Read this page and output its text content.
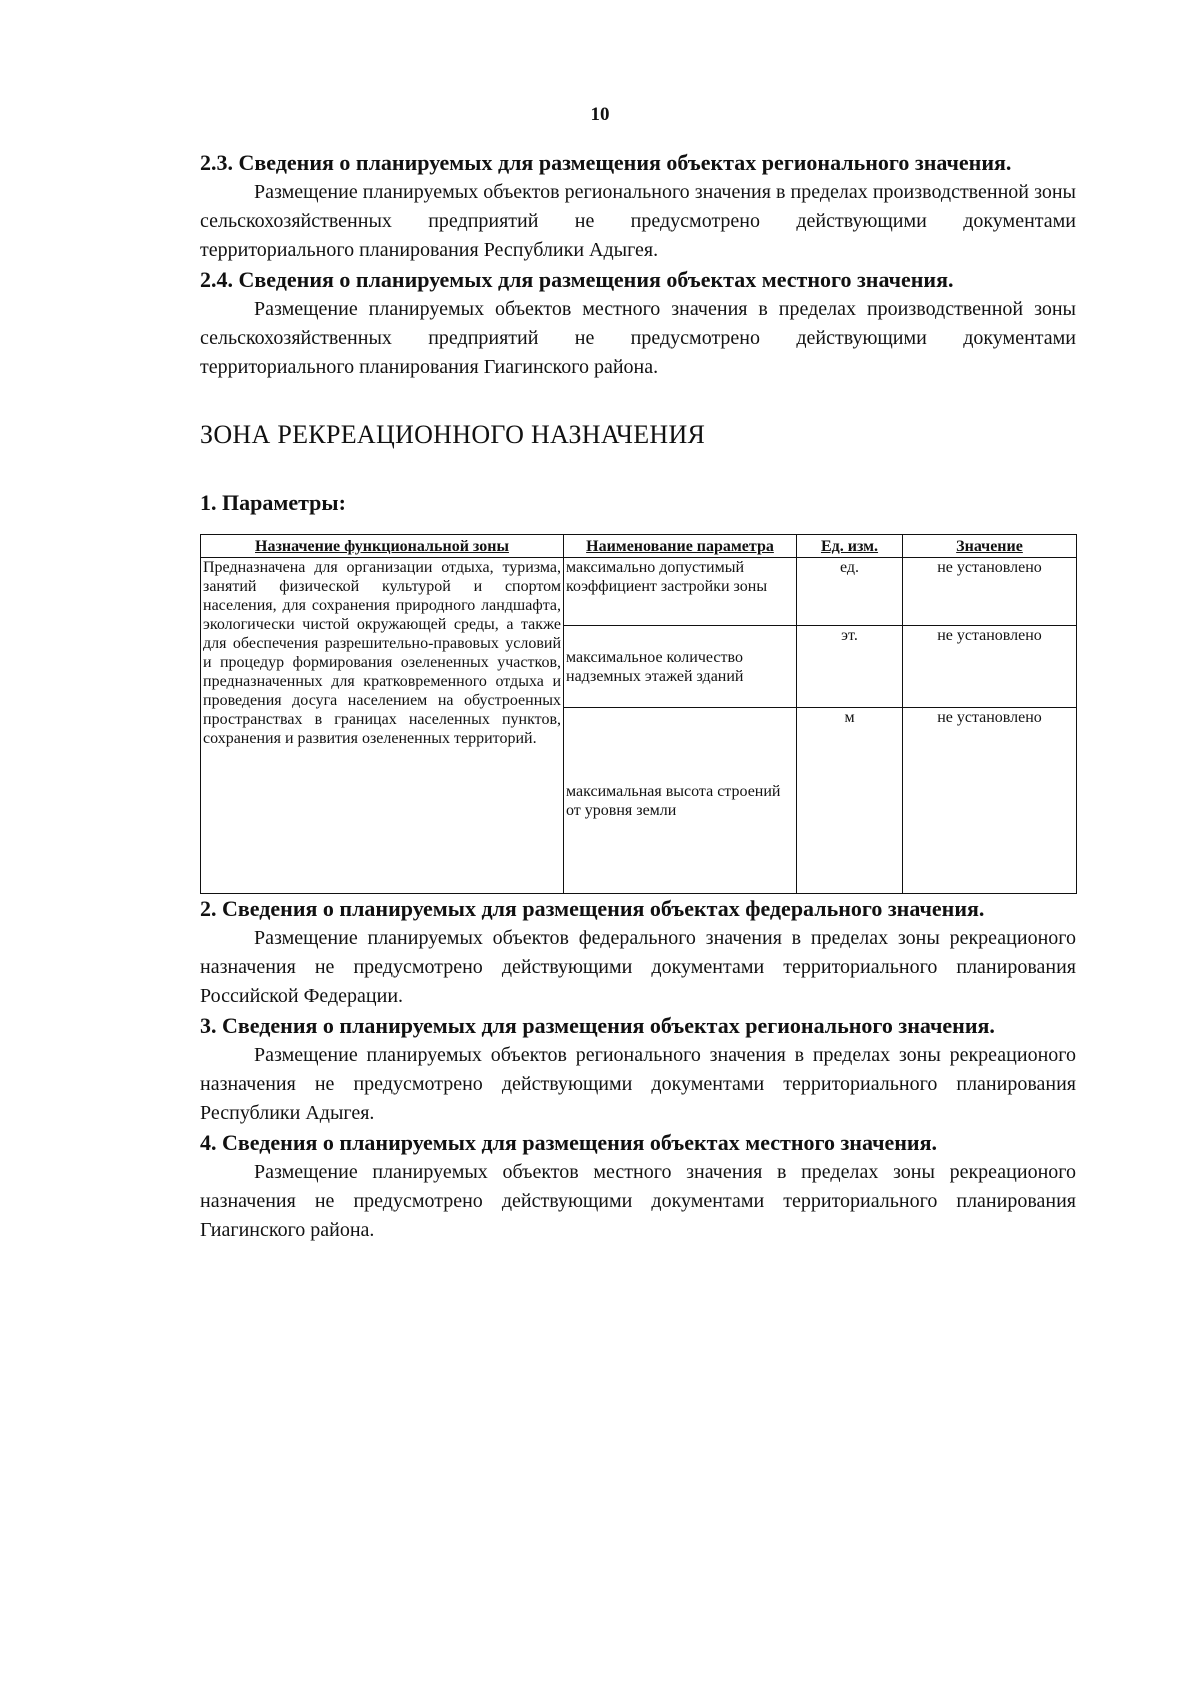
10
2.3. Сведения о планируемых для размещения объектах регионального значения.

Размещение планируемых объектов регионального значения в пределах производственной зоны сельскохозяйственных предприятий не предусмотрено действующими документами территориального планирования Республики Адыгея.

2.4. Сведения о планируемых для размещения объектах местного значения.

Размещение планируемых объектов местного значения в пределах производственной зоны сельскохозяйственных предприятий не предусмотрено действующими документами территориального планирования Гиагинского района.

ЗОНА РЕКРЕАЦИОННОГО НАЗНАЧЕНИЯ
1. Параметры:
Назначение функциональной зоны	Наименование параметра	Ед. изм.	Значение
Предназначена для организации отдыха, туризма, занятий физической культурой и спортом населения, для сохранения природного ландшафта, экологически чистой окружающей среды, а также для обеспечения разрешительно-правовых условий и процедур формирования озелененных участков, предназначенных для кратковременного отдыха и проведения досуга населением на обустроенных пространствах в границах населенных пунктов, сохранения и развития озелененных территорий.	максимально допустимый коэффициент застройки зоны	ед.	не установлено
	максимальное количество надземных этажей зданий	эт.	не установлено
	максимальная высота строений от уровня земли	м	не установлено
2. Сведения о планируемых для размещения объектах федерального значения.

Размещение планируемых объектов федерального значения в пределах зоны рекреационого назначения не предусмотрено действующими документами территориального планирования Российской Федерации.

3. Сведения о планируемых для размещения объектах регионального значения.

Размещение планируемых объектов регионального значения в пределах зоны рекреационого назначения не предусмотрено действующими документами территориального планирования Республики Адыгея.

4. Сведения о планируемых для размещения объектах местного значения.

Размещение планируемых объектов местного значения в пределах зоны рекреационого назначения не предусмотрено действующими документами территориального планирования Гиагинского района.
